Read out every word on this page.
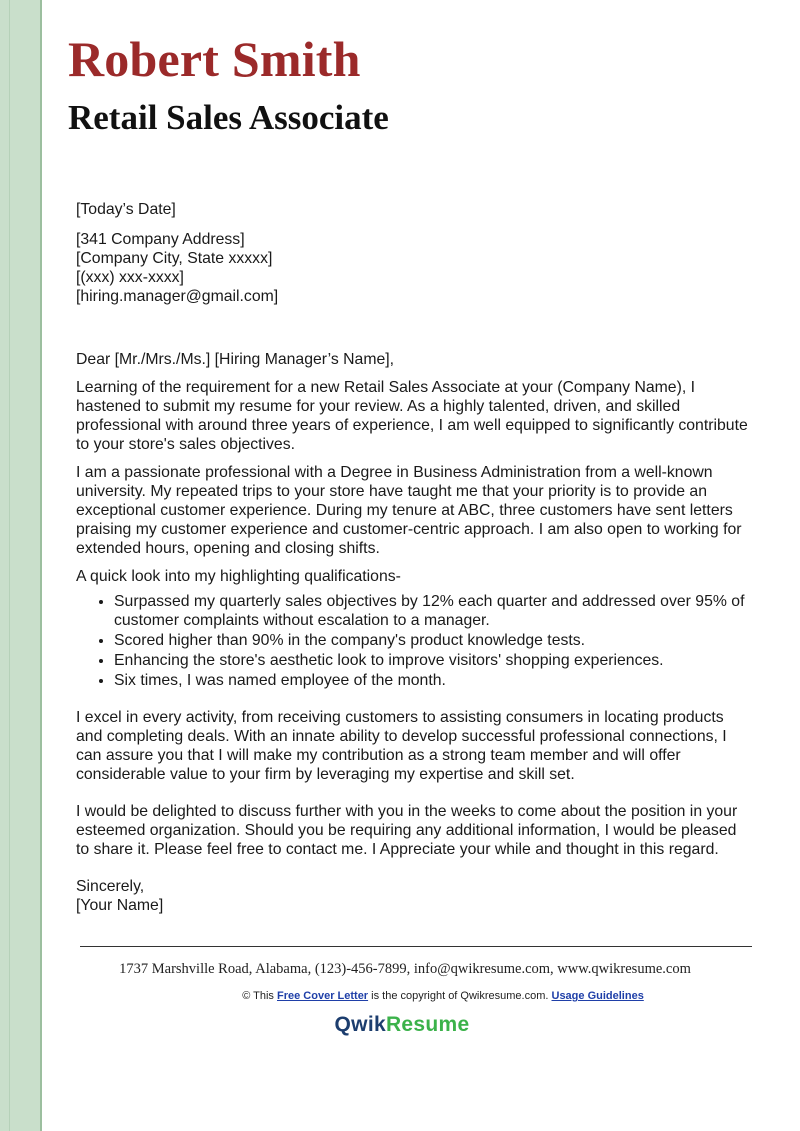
Robert Smith
Retail Sales Associate

[Today’s Date]

[341 Company Address]
[Company City, State xxxxx]
[(xxx) xxx-xxxx]
[hiring.manager@gmail.com]

Dear [Mr./Mrs./Ms.] [Hiring Manager’s Name],

Learning of the requirement for a new Retail Sales Associate at your (Company Name), I hastened to submit my resume for your review. As a highly talented, driven, and skilled professional with around three years of experience, I am well equipped to significantly contribute to your store's sales objectives.

I am a passionate professional with a Degree in Business Administration from a well-known university. My repeated trips to your store have taught me that your priority is to provide an exceptional customer experience. During my tenure at ABC, three customers have sent letters praising my customer experience and customer-centric approach. I am also open to working for extended hours, opening and closing shifts.

A quick look into my highlighting qualifications-

• Surpassed my quarterly sales objectives by 12% each quarter and addressed over 95% of customer complaints without escalation to a manager.
• Scored higher than 90% in the company's product knowledge tests.
• Enhancing the store's aesthetic look to improve visitors' shopping experiences.
• Six times, I was named employee of the month.

I excel in every activity, from receiving customers to assisting consumers in locating products and completing deals. With an innate ability to develop successful professional connections, I can assure you that I will make my contribution as a strong team member and will offer considerable value to your firm by leveraging my expertise and skill set.

I would be delighted to discuss further with you in the weeks to come about the position in your esteemed organization. Should you be requiring any additional information, I would be pleased to share it. Please feel free to contact me. I Appreciate your while and thought in this regard.

Sincerely,
[Your Name]

1737 Marshville Road, Alabama, (123)-456-7899, info@qwikresume.com, www.qwikresume.com
© This Free Cover Letter is the copyright of Qwikresume.com. Usage Guidelines
QwikResume
